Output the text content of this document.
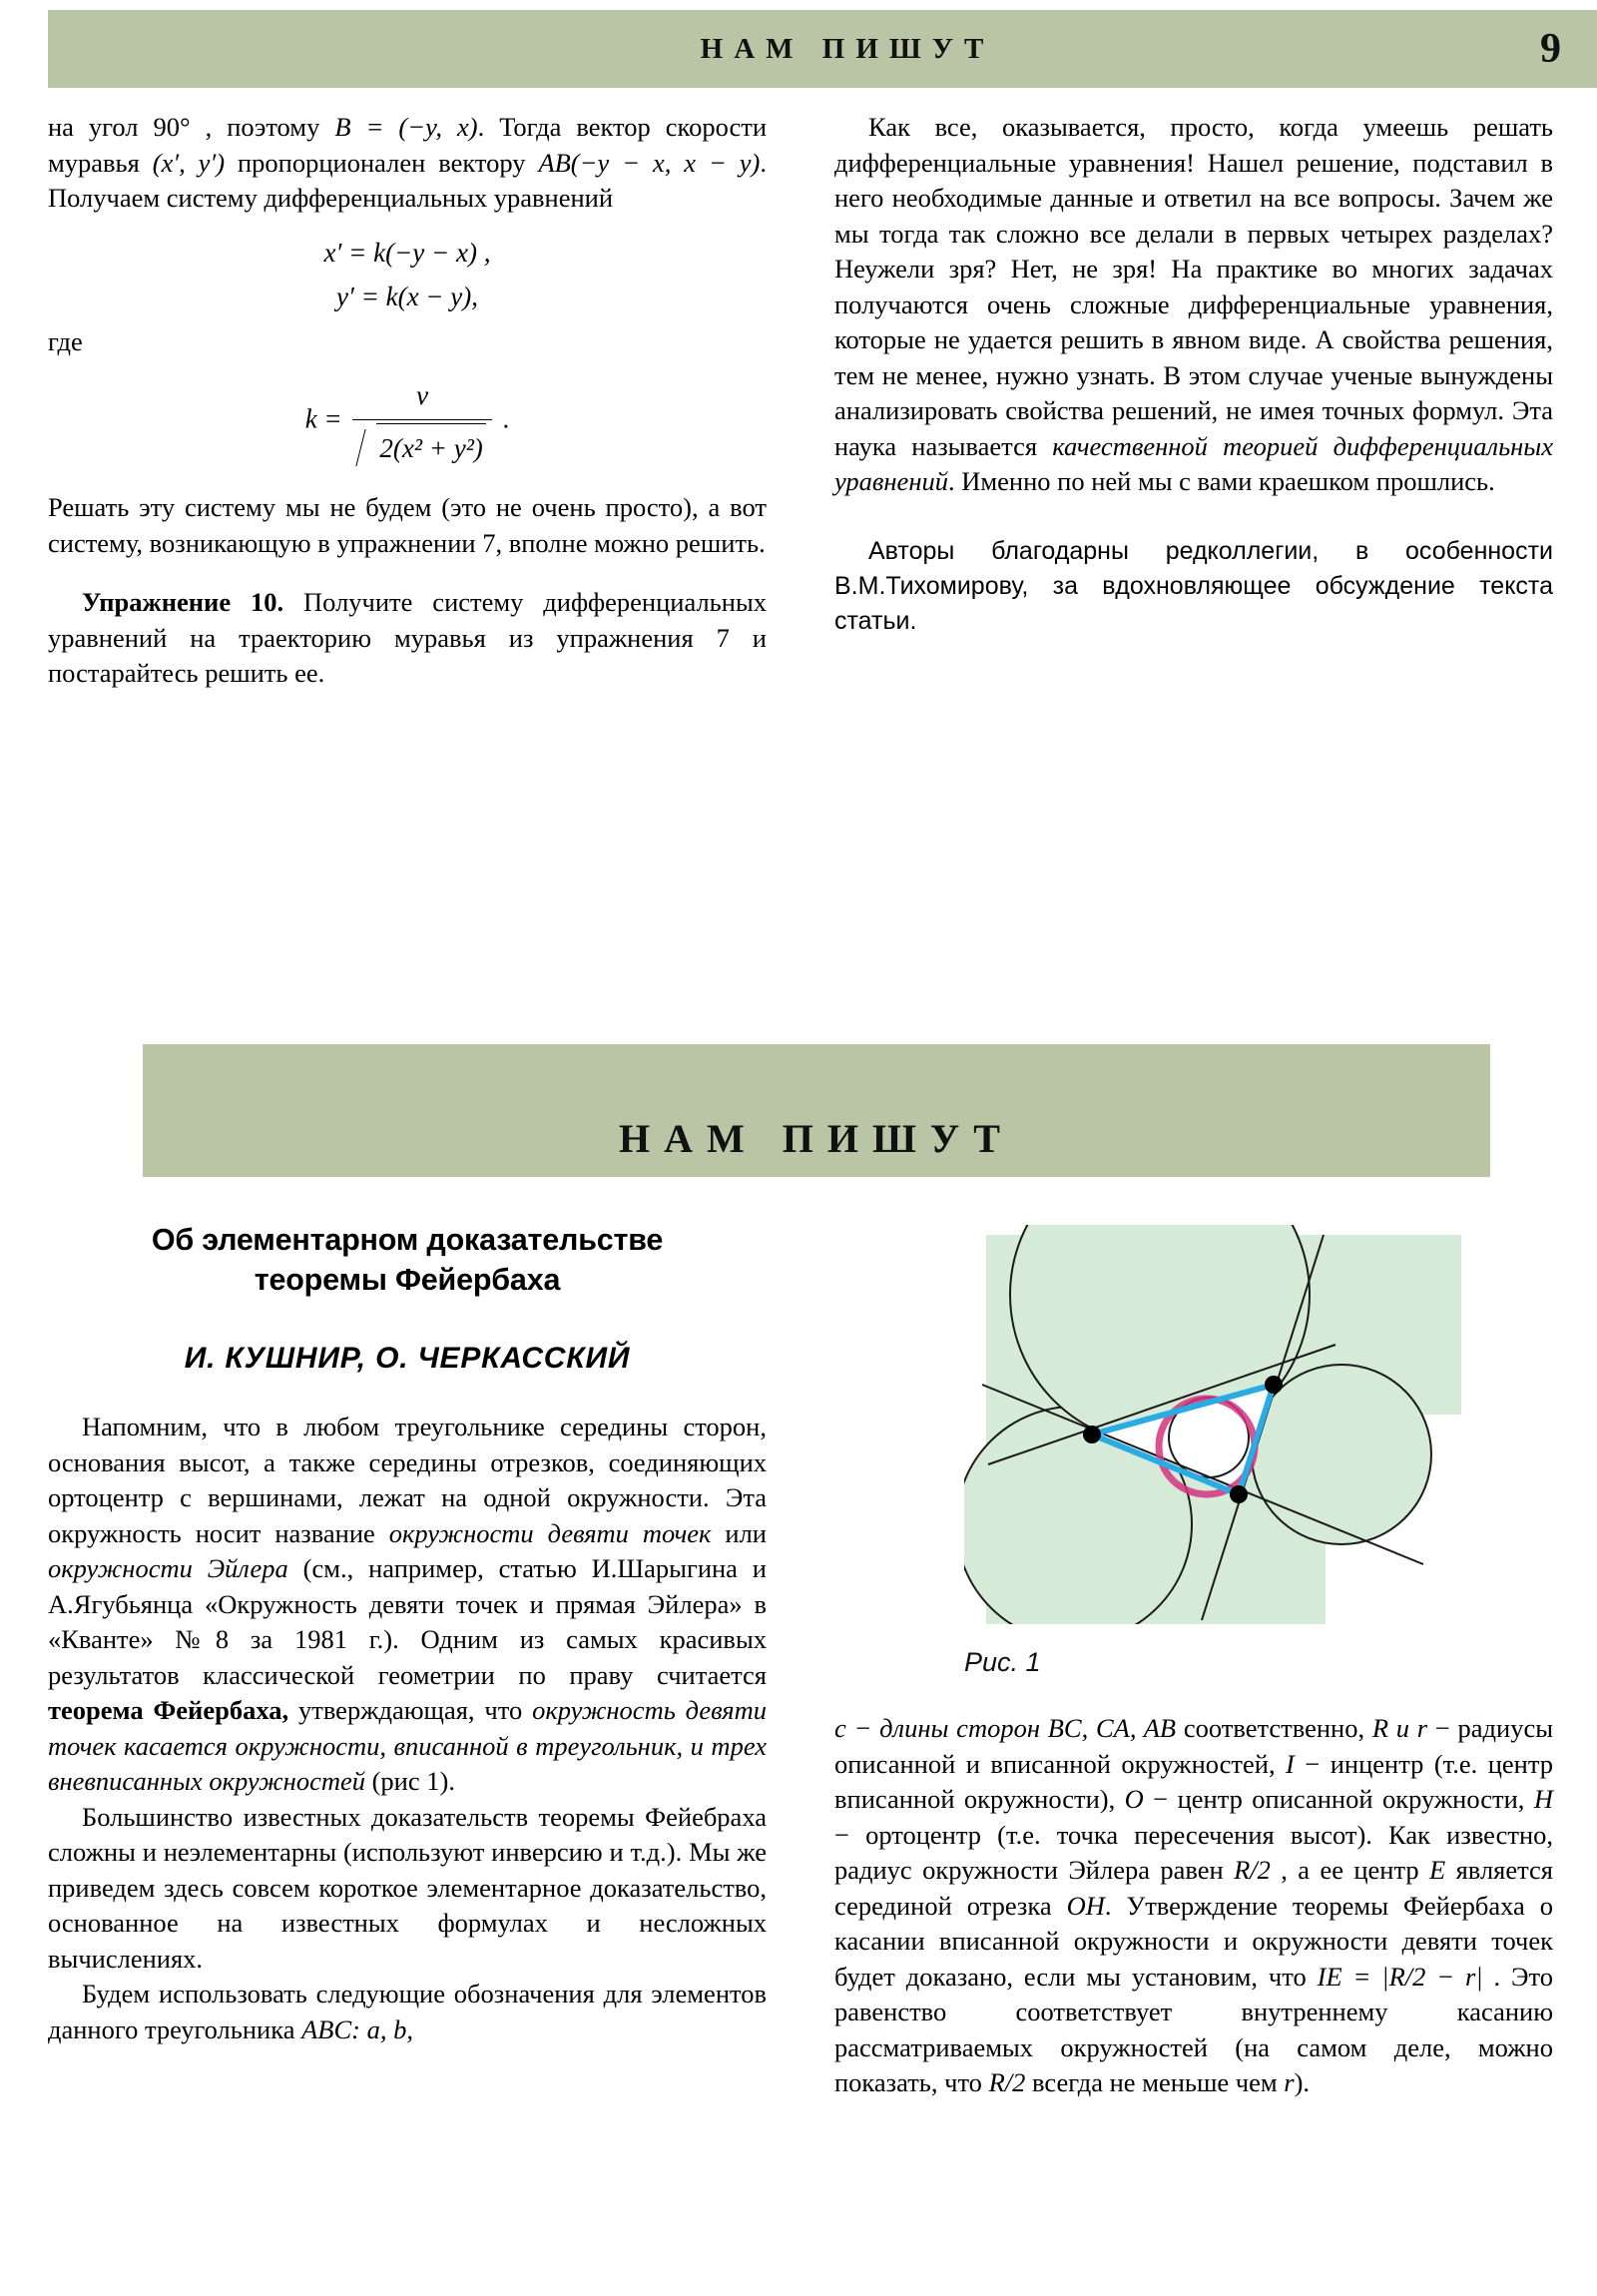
НАМ ПИШУТ	9

на угол 90° , поэтому B = (−y, x). Тогда вектор скорости муравья (x′, y′) пропорционален вектору AB(−y − x, x − y). Получаем систему дифференциальных уравнений

x′ = k(−y − x) ,
y′ = k(x − y),

где

$k = \frac{v}{\text{2(x² + y²)}}$ .

Решать эту систему мы не будем (это не очень просто), а вот систему, возникающую в упражнении 7, вполне можно решить.

Упражнение 10. Получите систему дифференциальных уравнений на траекторию муравья из упражнения 7 и постарайтесь решить ее.

Как все, оказывается, просто, когда умеешь решать дифференциальные уравнения! Нашел решение, подставил в него необходимые данные и ответил на все вопросы. Зачем же мы тогда так сложно все делали в первых четырех разделах? Неужели зря? Нет, не зря! На практике во многих задачах получаются очень сложные дифференциальные уравнения, которые не удается решить в явном виде. А свойства решения, тем не менее, нужно узнать. В этом случае ученые вынуждены анализировать свойства решений, не имея точных формул. Эта наука называется качественной теорией дифференциальных уравнений. Именно по ней мы с вами краешком прошлись.

Авторы благодарны редколлегии, в особенности В.М.Тихомирову, за вдохновляющее обсуждение текста статьи.

НАМ ПИШУТ
Об элементарном доказательстве
теоремы Фейербаха
И. КУШНИР, О. ЧЕРКАССКИЙ

Напомним, что в любом треугольнике середины сторон, основания высот, а также середины отрезков, соединяющих ортоцентр с вершинами, лежат на одной окружности. Эта окружность носит название окружности девяти точек или окружности Эйлера (см., например, статью И.Шарыгина и А.Ягубьянца «Окружность девяти точек и прямая Эйлера» в «Кванте» №8 за 1981 г.). Одним из самых красивых результатов классической геометрии по праву считается теорема Фейербаха, утверждающая, что окружность девяти точек касается окружности, вписанной в треугольник, и трех вневписанных окружностей (рис 1).

Большинство известных доказательств теоремы Фейебраха сложны и неэлементарны (используют инверсию и т.д.). Мы же приведем здесь совсем короткое элементарное доказательство, основанное на известных формулах и несложных вычислениях.

Будем использовать следующие обозначения для элементов данного треугольника ABC: a, b,

Рис. 1

c − длины сторон BC, CA, AB соответственно, R и r − радиусы описанной и вписанной окружностей, I − инцентр (т.е. центр вписанной окружности), O − центр описанной окружности, H − ортоцентр (т.е. точка пересечения высот). Как известно, радиус окружности Эйлера равен R/2 , а ее центр E является серединой отрезка OH. Утверждение теоремы Фейербаха о касании вписанной окружности и окружности девяти точек будет доказано, если мы установим, что IE = |R/2 − r| . Это равенство соответствует внутреннему касанию рассматриваемых окружностей (на самом деле, можно показать, что R/2 всегда не меньше чем r).
